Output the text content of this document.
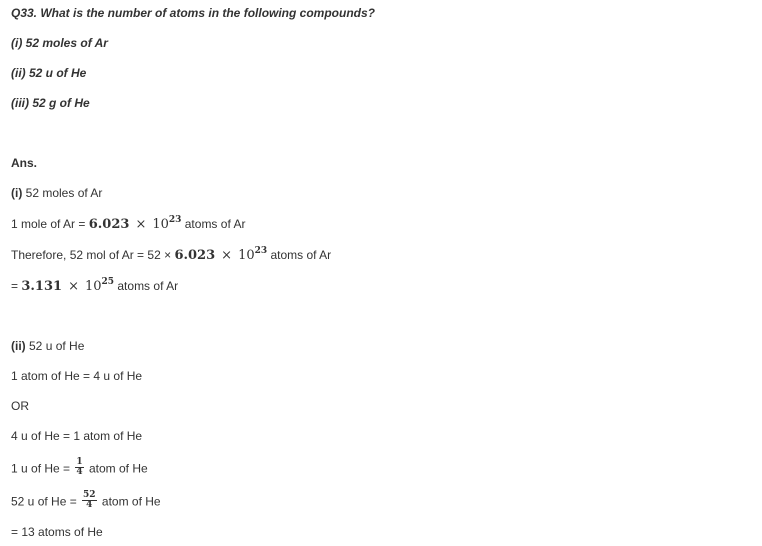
Q33. What is the number of atoms in the following compounds?
(i) 52 moles of Ar
(ii) 52 u of He
(iii) 52 g of He
Ans.
(i) 52 moles of Ar
1 mole of $Ar = 6.023 \times 10^{23}$ atoms of Ar
Therefore, 52 mol of $Ar = 52 \times 6.023 \times 10^{23}$ atoms of Ar
= $3.131 \times 10^{25}$ atoms of Ar
(ii) 52 u of He
1 atom of He = 4 u of He
OR
4 u of He = 1 atom of He
1 u of $He = \frac{1}{4}$ atom of He
52 u of $He = \frac{52}{4}$ atom of He
= 13 atoms of He
